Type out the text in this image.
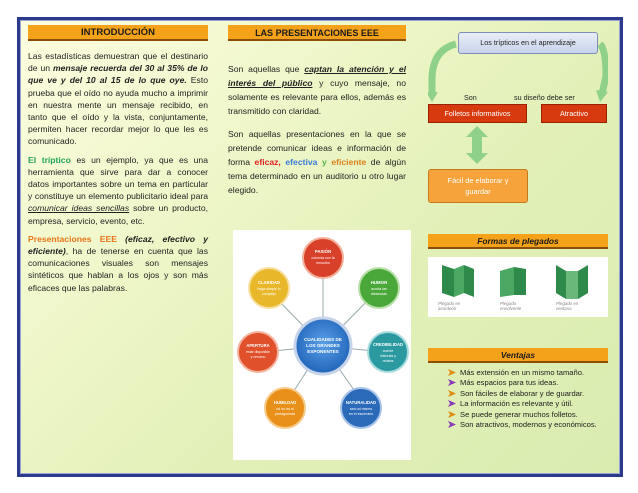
INTRODUCCIÓN

Las estadísticas demuestran que el destinario de un mensaje recuerda del 30 al 35% de lo que ve y del 10 al 15 de lo que oye. Esto prueba que el oído no ayuda mucho a imprimir en nuestra mente un mensaje recibido, en tanto que el oído y la vista, conjuntamente, permiten hacer recordar mejor lo que les es comunicado.

El tríptico es un ejemplo, ya que es una herramienta que sirve para dar a conocer datos importantes sobre un tema en particular y constituye un elemento publicitario ideal para comunicar ideas sencillas sobre un producto, empresa, servicio, evento, etc.

Presentaciones EEE (eficaz, efectivo y eficiente), ha de tenerse en cuenta que las comunicaciones visuales son mensajes sintéticos que hablan a los ojos y son más eficaces que las palabras.

LAS PRESENTACIONES EEE

Son aquellas que captan la atención y el interés del público y cuyo mensaje, no solamente es relevante para ellos, además es transmitido con claridad.

Son aquellas presentaciones en la que se pretende comunicar ideas e información de forma eficaz, efectiva y eficiente de algún tema determinado en un auditorio u otro lugar elegido.

CUALIDADES DE
LOS GRANDES
EXPONENTES
PASIÓN
conecta con la
emoción
HUMOR
acorta las
distancias
CREDIBILIDAD
cuente
historias y
relatos
NATURALIDAD
sea ud mismo
en el escenario
HUMILDAD
ud no es el
protagonista
APERTURA
estar disponible
y cercano
CLARIDAD
haga simple lo
complejo
Los trípticos en el aprendizaje
Son	su diseño debe ser
Folletos informativos	Atractivo
Fácil de elaborar y
guardar
Formas de plegados
Plegado en
acordeón
Plegado
envolvente
Plegado en
ventana
Ventajas
Más extensión en un mismo tamaño.
Más espacios para tus ideas.
Son fáciles de elaborar y de guardar.
La información es relevante y útil.
Se puede generar muchos folletos.
Son atractivos, modernos y económicos.
